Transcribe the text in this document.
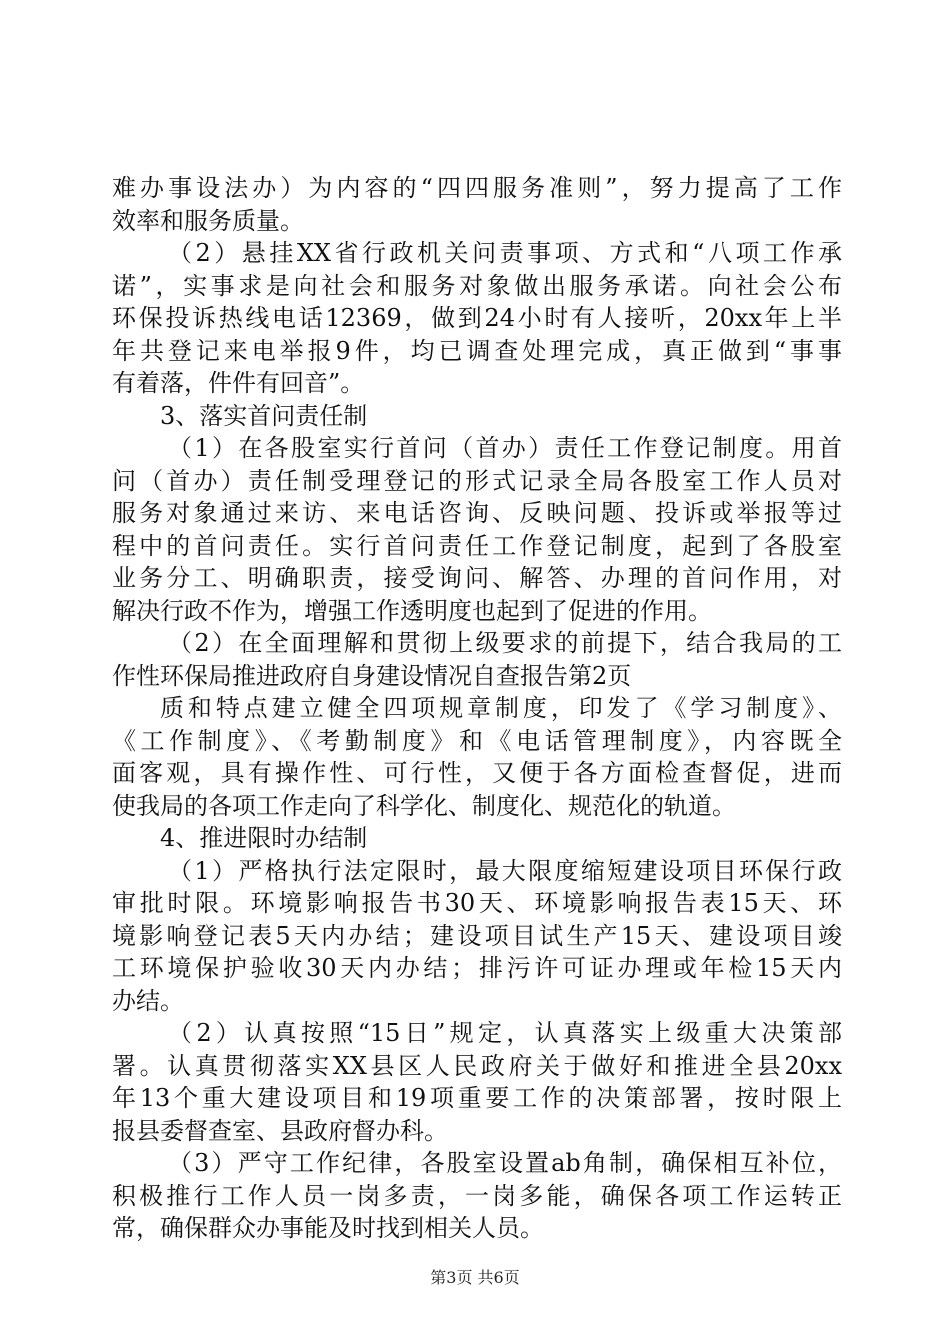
难办事设法办）为内容的“四四服务准则”，努力提高了工作
效率和服务质量。
（2）悬挂XX省行政机关问责事项、方式和“八项工作承
诺”，实事求是向社会和服务对象做出服务承诺。向社会公布
环保投诉热线电话12369，做到24小时有人接听，20xx年上半
年共登记来电举报9件，均已调查处理完成，真正做到“事事
有着落，件件有回音”。
3、落实首问责任制
（1）在各股室实行首问（首办）责任工作登记制度。用首
问（首办）责任制受理登记的形式记录全局各股室工作人员对
服务对象通过来访、来电话咨询、反映问题、投诉或举报等过
程中的首问责任。实行首问责任工作登记制度，起到了各股室
业务分工、明确职责，接受询问、解答、办理的首问作用，对
解决行政不作为，增强工作透明度也起到了促进的作用。
（2）在全面理解和贯彻上级要求的前提下，结合我局的工
作性环保局推进政府自身建设情况自查报告第2页
质和特点建立健全四项规章制度，印发了《学习制度》、
《工作制度》、《考勤制度》和《电话管理制度》，内容既全
面客观，具有操作性、可行性，又便于各方面检查督促，进而
使我局的各项工作走向了科学化、制度化、规范化的轨道。
4、推进限时办结制
（1）严格执行法定限时，最大限度缩短建设项目环保行政
审批时限。环境影响报告书30天、环境影响报告表15天、环
境影响登记表5天内办结；建设项目试生产15天、建设项目竣
工环境保护验收30天内办结；排污许可证办理或年检15天内
办结。
（2）认真按照“15日”规定，认真落实上级重大决策部
署。认真贯彻落实XX县区人民政府关于做好和推进全县20xx
年13个重大建设项目和19项重要工作的决策部署，按时限上
报县委督查室、县政府督办科。
（3）严守工作纪律，各股室设置ab角制，确保相互补位，
积极推行工作人员一岗多责，一岗多能，确保各项工作运转正
常，确保群众办事能及时找到相关人员。
第3页 共6页
